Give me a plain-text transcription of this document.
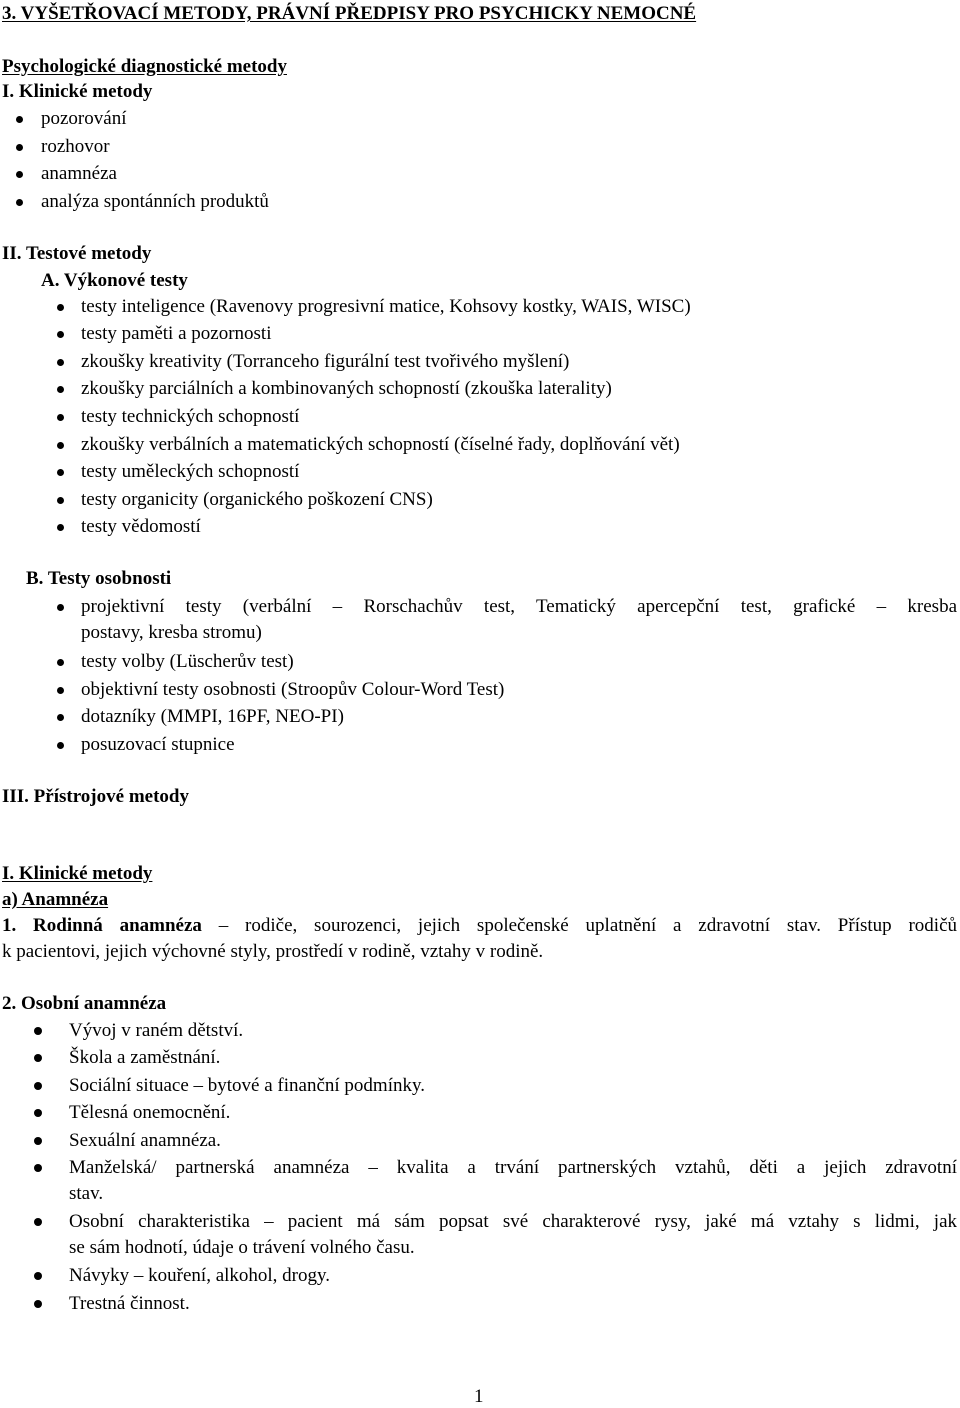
3. VYŠETŘOVACÍ METODY, PRÁVNÍ PŘEDPISY PRO PSYCHICKY NEMOCNÉ
Psychologické diagnostické metody
I. Klinické metody
pozorování
rozhovor
anamnéza
analýza spontánních produktů
II. Testové metody
A. Výkonové testy
testy inteligence (Ravenovy progresivní matice, Kohsovy kostky, WAIS, WISC)
testy paměti a pozornosti
zkoušky kreativity (Torranceho figurální test tvořivého myšlení)
zkoušky parciálních a kombinovaných schopností (zkouška laterality)
testy technických schopností
zkoušky verbálních a matematických schopností (číselné řady, doplňování vět)
testy uměleckých schopností
testy organicity (organického poškození CNS)
testy vědomostí
B. Testy osobnosti
projektivní testy (verbální – Rorschachův test, Tematický apercepční test, grafické – kresba
postavy, kresba stromu)
testy volby (Lüscherův test)
objektivní testy osobnosti (Stroopův Colour-Word Test)
dotazníky (MMPI, 16PF, NEO-PI)
posuzovací stupnice
III. Přístrojové metody
I. Klinické metody
a) Anamnéza
1. Rodinná anamnéza – rodiče, sourozenci, jejich společenské uplatnění a zdravotní stav. Přístup rodičů
k pacientovi, jejich výchovné styly, prostředí v rodině, vztahy v rodině.
2. Osobní anamnéza
Vývoj v raném dětství.
Škola a zaměstnání.
Sociální situace – bytové a finanční podmínky.
Tělesná onemocnění.
Sexuální anamnéza.
Manželská/ partnerská anamnéza – kvalita a trvání partnerských vztahů, děti a jejich zdravotní
stav.
Osobní charakteristika – pacient má sám popsat své charakterové rysy, jaké má vztahy s lidmi, jak
se sám hodnotí, údaje o trávení volného času.
Návyky – kouření, alkohol, drogy.
Trestná činnost.
1
